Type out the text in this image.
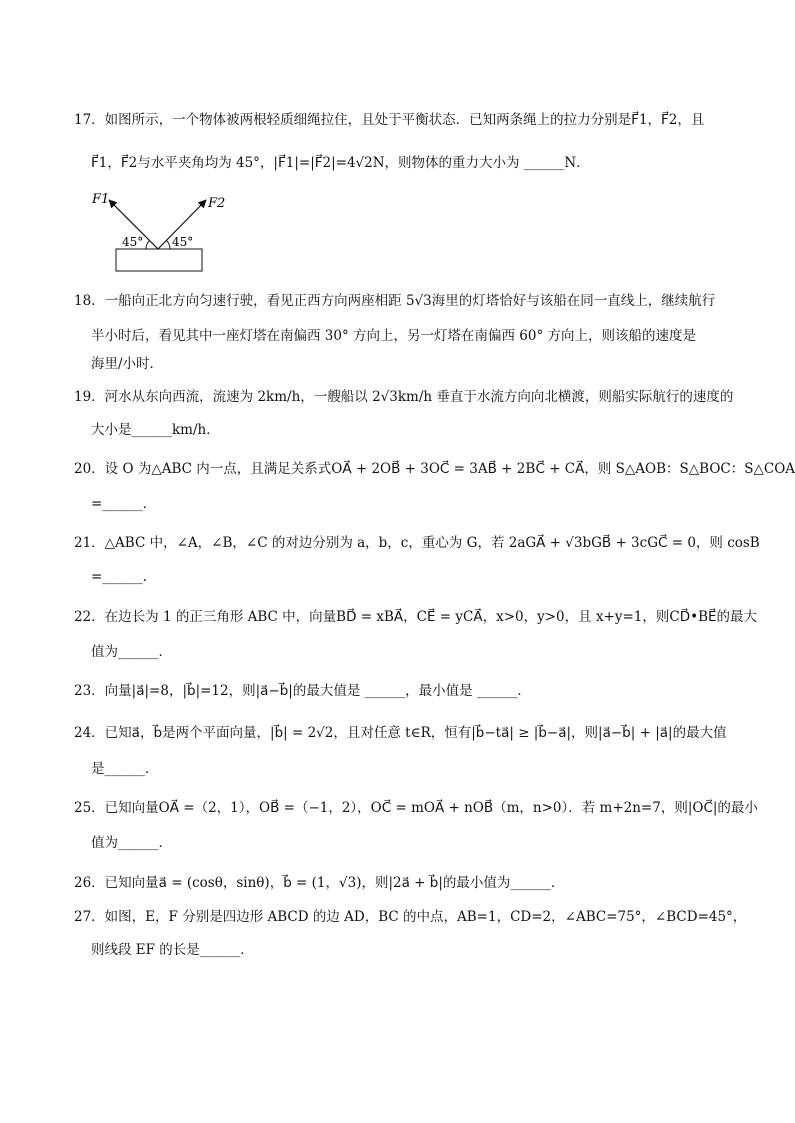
17．如图所示，一个物体被两根轻质细绳拉住，且处于平衡状态．已知两条绳上的拉力分别是F⃗1，F⃗2，且
F⃗1，F⃗2与水平夹角均为 45°，|F⃗1|=|F⃗2|=4√2N，则物体的重力大小为 ______N．
F1	F2
45° 45°
18．一船向正北方向匀速行驶，看见正西方向两座相距 5√3海里的灯塔恰好与该船在同一直线上，继续航行
半小时后，看见其中一座灯塔在南偏西 30° 方向上，另一灯塔在南偏西 60° 方向上，则该船的速度是
海里/小时．
19．河水从东向西流，流速为 2km/h，一艘船以 2√3km/h 垂直于水流方向向北横渡，则船实际航行的速度的
大小是______km/h．
20．设 O 为△ABC 内一点，且满足关系式OA⃗ + 2OB⃗ + 3OC⃗ = 3AB⃗ + 2BC⃗ + CA⃗，则 S△AOB：S△BOC：S△COA
=______．
21．△ABC 中，∠A，∠B，∠C 的对边分别为 a，b，c，重心为 G，若 2aGA⃗ + √3bGB⃗ + 3cGC⃗ = 0，则 cosB
=______．
22．在边长为 1 的正三角形 ABC 中，向量BD⃗ = xBA⃗，CE⃗ = yCA⃗，x>0，y>0，且 x+y=1，则CD⃗•BE⃗的最大
值为______．
23．向量|a⃗|=8，|b⃗|=12，则|a⃗−b⃗|的最大值是 ______，最小值是 ______．
24．已知a⃗，b⃗是两个平面向量，|b⃗| = 2√2，且对任意 t∈R，恒有|b⃗−ta⃗| ≥ |b⃗−a⃗|，则|a⃗−b⃗| + |a⃗|的最大值
是______．
25．已知向量OA⃗ =（2，1），OB⃗ =（−1，2），OC⃗ = mOA⃗ + nOB⃗（m，n>0）．若 m+2n=7，则|OC⃗|的最小
值为______．
26．已知向量a⃗ = (cosθ，sinθ)，b⃗ = (1，√3)，则|2a⃗ + b⃗|的最小值为______．
27．如图，E，F 分别是四边形 ABCD 的边 AD，BC 的中点，AB=1，CD=2，∠ABC=75°，∠BCD=45°，
则线段 EF 的长是______．
